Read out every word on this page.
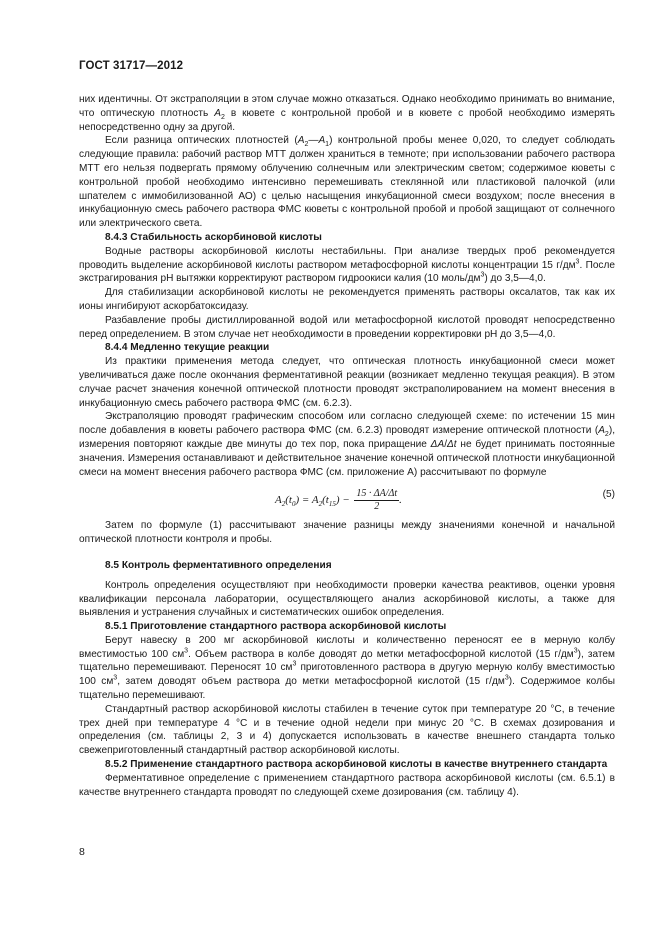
ГОСТ 31717—2012

них идентичны. От экстраполяции в этом случае можно отказаться. Однако необходимо принимать во внимание, что оптическую плотность $A_2$ в кювете с контрольной пробой и в кювете с пробой необходимо измерять непосредственно одну за другой.

Если разница оптических плотностей $(A_2—A_1)$ контрольной пробы менее 0,020, то следует соблюдать следующие правила: рабочий раствор МТТ должен храниться в темноте; при использовании рабочего раствора МТТ его нельзя подвергать прямому облучению солнечным или электрическим светом; содержимое кюветы с контрольной пробой необходимо интенсивно перемешивать стеклянной или пластиковой палочкой (или шпателем с иммобилизованной АО) с целью насыщения инкубационной смеси воздухом; после внесения в инкубационную смесь рабочего раствора ФМС кюветы с контрольной пробой и пробой защищают от солнечного или электрического света.

8.4.3 Стабильность аскорбиновой кислоты

Водные растворы аскорбиновой кислоты нестабильны. При анализе твердых проб рекомендуется проводить выделение аскорбиновой кислоты раствором метафосфорной кислоты концентрации 15 $г/дм^3$. После экстрагирования рН вытяжки корректируют раствором гидроокиси калия (10 моль/$дм^3$) до 3,5—4,0.

Для стабилизации аскорбиновой кислоты не рекомендуется применять растворы оксалатов, так как их ионы ингибируют аскорбатоксидазу.

Разбавление пробы дистиллированной водой или метафосфорной кислотой проводят непосредственно перед определением. В этом случае нет необходимости в проведении корректировки рН до 3,5—4,0.

8.4.4 Медленно текущие реакции

Из практики применения метода следует, что оптическая плотность инкубационной смеси может увеличиваться даже после окончания ферментативной реакции (возникает медленно текущая реакция). В этом случае расчет значения конечной оптической плотности проводят экстраполированием на момент внесения в инкубационную смесь рабочего раствора ФМС (см. 6.2.3).

Экстраполяцию проводят графическим способом или согласно следующей схеме: по истечении 15 мин после добавления в кюветы рабочего раствора ФМС (см. 6.2.3) проводят измерение оптической плотности $(A_2)$, измерения повторяют каждые две минуты до тех пор, пока приращение ΔA/Δt не будет принимать постоянные значения. Измерения останавливают и действительное значение конечной оптической плотности инкубационной смеси на момент внесения рабочего раствора ФМС (см. приложение А) рассчитывают по формуле

$A_2(t_0) = A_2(t_{15}) - \frac{15 \cdot \Delta A/\Delta t}{2}$ .	(5)

Затем по формуле (1) рассчитывают значение разницы между значениями конечной и начальной оптической плотности контроля и пробы.

8.5 Контроль ферментативного определения

Контроль определения осуществляют при необходимости проверки качества реактивов, оценки уровня квалификации персонала лаборатории, осуществляющего анализ аскорбиновой кислоты, а также для выявления и устранения случайных и систематических ошибок определения.

8.5.1 Приготовление стандартного раствора аскорбиновой кислоты

Берут навеску в 200 мг аскорбиновой кислоты и количественно переносят ее в мерную колбу вместимостью 100 $см^3$. Объем раствора в колбе доводят до метки метафосфорной кислотой (15 $г/дм^3$), затем тщательно перемешивают. Переносят 10 $см^3$ приготовленного раствора в другую мерную колбу вместимостью 100 $см^3$, затем доводят объем раствора до метки метафосфорной кислотой (15 $г/дм^3$). Содержимое колбы тщательно перемешивают.

Стандартный раствор аскорбиновой кислоты стабилен в течение суток при температуре 20 °С, в течение трех дней при температуре 4 °С и в течение одной недели при минус 20 °С. В схемах дозирования и определения (см. таблицы 2, 3 и 4) допускается использовать в качестве внешнего стандарта только свежеприготовленный стандартный раствор аскорбиновой кислоты.

8.5.2 Применение стандартного раствора аскорбиновой кислоты в качестве внутреннего стандарта

Ферментативное определение с применением стандартного раствора аскорбиновой кислоты (см. 6.5.1) в качестве внутреннего стандарта проводят по следующей схеме дозирования (см. таблицу 4).

8
